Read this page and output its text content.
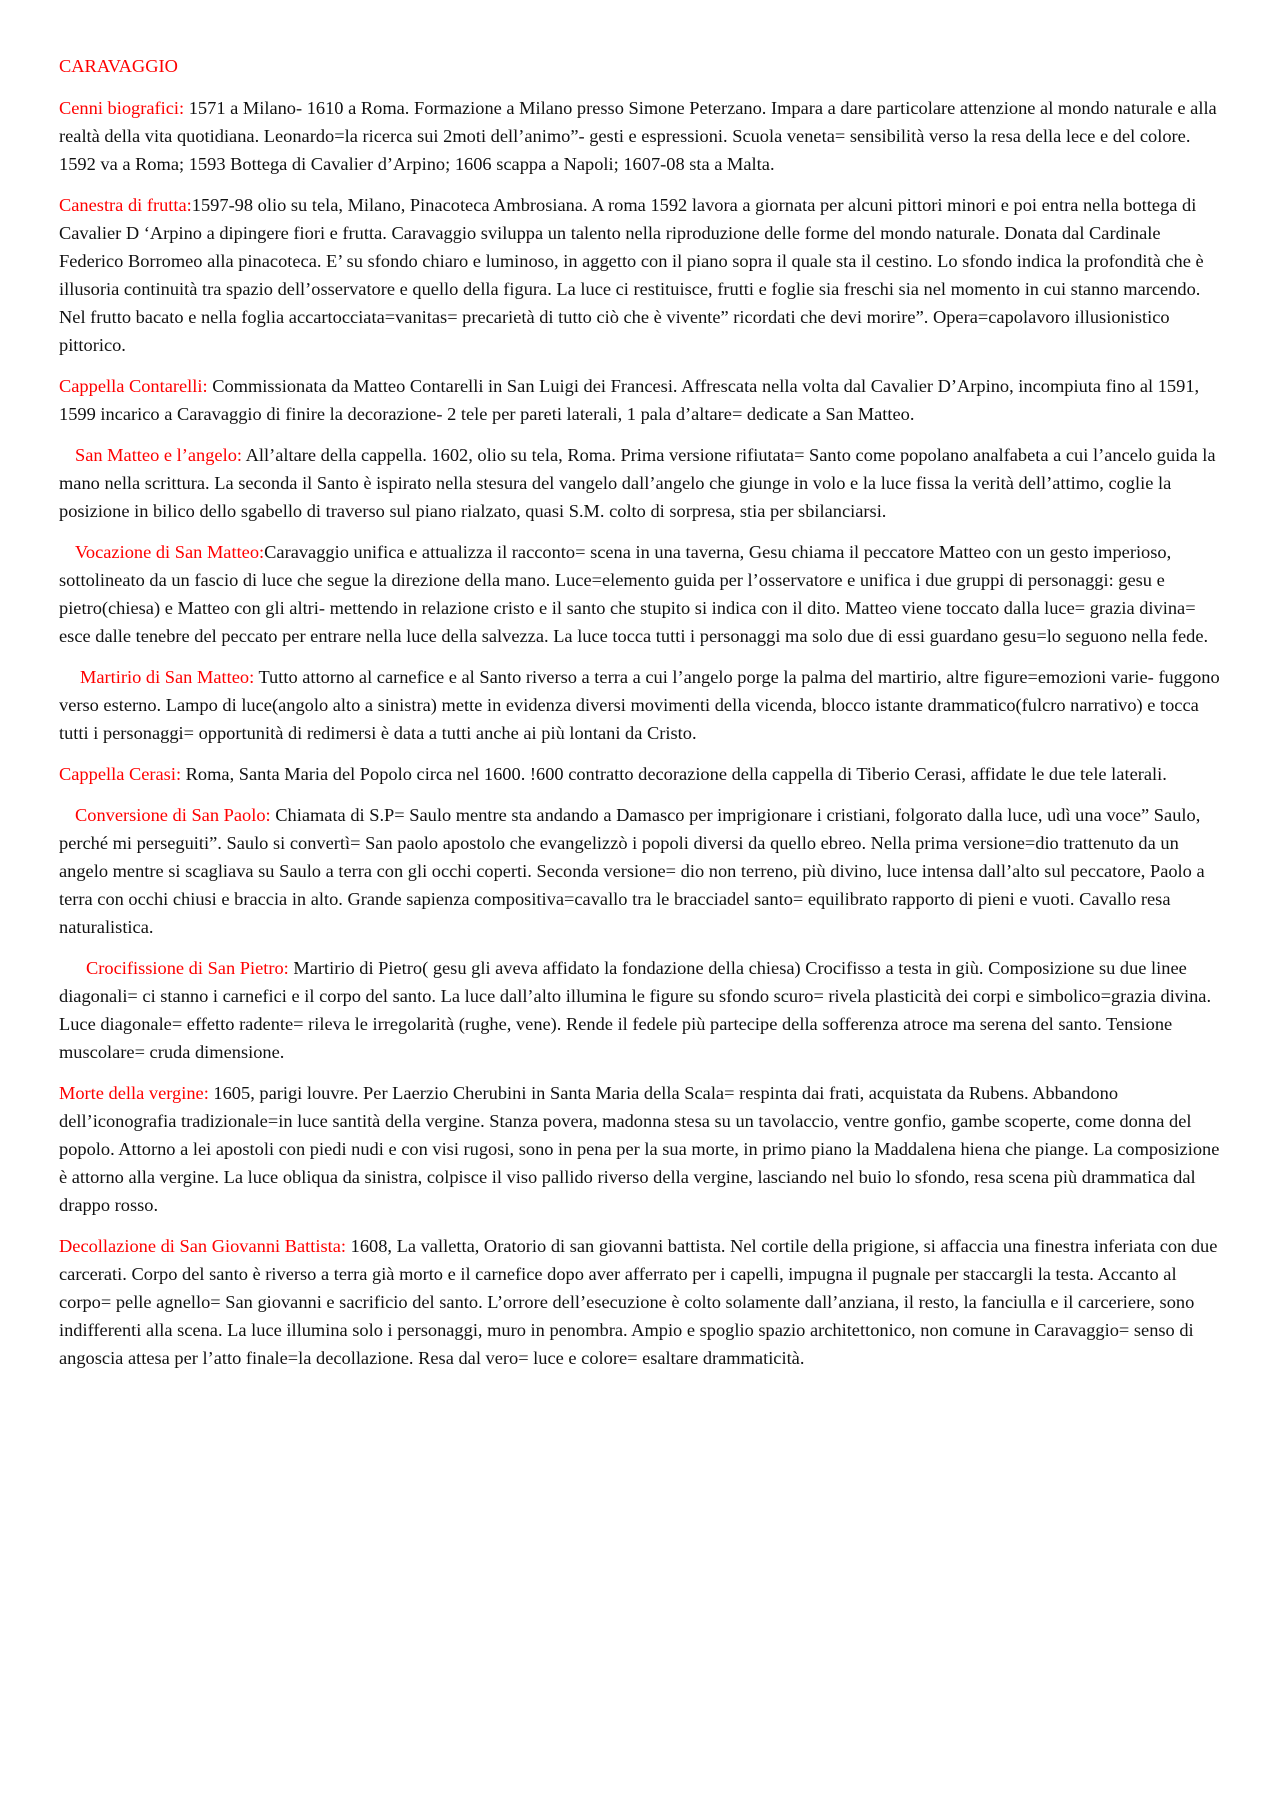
CARAVAGGIO

Cenni biografici: 1571 a Milano- 1610 a Roma. Formazione a Milano presso Simone Peterzano. Impara a dare particolare attenzione al mondo naturale e alla realtà della vita quotidiana. Leonardo=la ricerca sui 2moti dell’animo”- gesti e espressioni. Scuola veneta= sensibilità verso la resa della lece e del colore. 1592 va a Roma; 1593 Bottega di Cavalier d’Arpino; 1606 scappa a Napoli; 1607-08 sta a Malta.

Canestra di frutta:1597-98 olio su tela, Milano, Pinacoteca Ambrosiana. A roma 1592 lavora a giornata per alcuni pittori minori e poi entra nella bottega di Cavalier D ‘Arpino a dipingere fiori e frutta. Caravaggio sviluppa un talento nella riproduzione delle forme del mondo naturale. Donata dal Cardinale Federico Borromeo alla pinacoteca. E’ su sfondo chiaro e luminoso, in aggetto con il piano sopra il quale sta il cestino. Lo sfondo indica la profondità che è illusoria continuità tra spazio dell’osservatore e quello della figura. La luce ci restituisce, frutti e foglie sia freschi sia nel momento in cui stanno marcendo. Nel frutto bacato e nella foglia accartocciata=vanitas= precarietà di tutto ciò che è vivente” ricordati che devi morire”. Opera=capolavoro illusionistico pittorico.

Cappella Contarelli: Commissionata da Matteo Contarelli in San Luigi dei Francesi. Affrescata nella volta dal Cavalier D’Arpino, incompiuta fino al 1591, 1599 incarico a Caravaggio di finire la decorazione- 2 tele per pareti laterali, 1 pala d’altare= dedicate a San Matteo.

San Matteo e l’angelo: All’altare della cappella. 1602, olio su tela, Roma. Prima versione rifiutata= Santo come popolano analfabeta a cui l’ancelo guida la mano nella scrittura. La seconda il Santo è ispirato nella stesura del vangelo dall’angelo che giunge in volo e la luce fissa la verità dell’attimo, coglie la posizione in bilico dello sgabello di traverso sul piano rialzato, quasi S.M. colto di sorpresa, stia per sbilanciarsi.

Vocazione di San Matteo:Caravaggio unifica e attualizza il racconto= scena in una taverna, Gesu chiama il peccatore Matteo con un gesto imperioso, sottolineato da un fascio di luce che segue la direzione della mano. Luce=elemento guida per l’osservatore e unifica i due gruppi di personaggi: gesu e pietro(chiesa) e Matteo con gli altri- mettendo in relazione cristo e il santo che stupito si indica con il dito. Matteo viene toccato dalla luce= grazia divina= esce dalle tenebre del peccato per entrare nella luce della salvezza. La luce tocca tutti i personaggi ma solo due di essi guardano gesu=lo seguono nella fede.

Martirio di San Matteo: Tutto attorno al carnefice e al Santo riverso a terra a cui l’angelo porge la palma del martirio, altre figure=emozioni varie- fuggono verso esterno. Lampo di luce(angolo alto a sinistra) mette in evidenza diversi movimenti della vicenda, blocco istante drammatico(fulcro narrativo) e tocca tutti i personaggi= opportunità di redimersi è data a tutti anche ai più lontani da Cristo.

Cappella Cerasi: Roma, Santa Maria del Popolo circa nel 1600. !600 contratto decorazione della cappella di Tiberio Cerasi, affidate le due tele laterali.

Conversione di San Paolo: Chiamata di S.P= Saulo mentre sta andando a Damasco per imprigionare i cristiani, folgorato dalla luce, udì una voce” Saulo, perché mi perseguiti”. Saulo si convertì= San paolo apostolo che evangelizzò i popoli diversi da quello ebreo. Nella prima versione=dio trattenuto da un angelo mentre si scagliava su Saulo a terra con gli occhi coperti. Seconda versione= dio non terreno, più divino, luce intensa dall’alto sul peccatore, Paolo a terra con occhi chiusi e braccia in alto. Grande sapienza compositiva=cavallo tra le bracciadel santo= equilibrato rapporto di pieni e vuoti. Cavallo resa naturalistica.

Crocifissione di San Pietro: Martirio di Pietro( gesu gli aveva affidato la fondazione della chiesa) Crocifisso a testa in giù. Composizione su due linee diagonali= ci stanno i carnefici e il corpo del santo. La luce dall’alto illumina le figure su sfondo scuro= rivela plasticità dei corpi e simbolico=grazia divina. Luce diagonale= effetto radente= rileva le irregolarità (rughe, vene). Rende il fedele più partecipe della sofferenza atroce ma serena del santo. Tensione muscolare= cruda dimensione.

Morte della vergine: 1605, parigi louvre. Per Laerzio Cherubini in Santa Maria della Scala= respinta dai frati, acquistata da Rubens. Abbandono dell’iconografia tradizionale=in luce santità della vergine. Stanza povera, madonna stesa su un tavolaccio, ventre gonfio, gambe scoperte, come donna del popolo. Attorno a lei apostoli con piedi nudi e con visi rugosi, sono in pena per la sua morte, in primo piano la Maddalena hiena che piange. La composizione è attorno alla vergine. La luce obliqua da sinistra, colpisce il viso pallido riverso della vergine, lasciando nel buio lo sfondo, resa scena più drammatica dal drappo rosso.

Decollazione di San Giovanni Battista: 1608, La valletta, Oratorio di san giovanni battista. Nel cortile della prigione, si affaccia una finestra inferiata con due carcerati. Corpo del santo è riverso a terra già morto e il carnefice dopo aver afferrato per i capelli, impugna il pugnale per staccargli la testa. Accanto al corpo= pelle agnello= San giovanni e sacrificio del santo. L’orrore dell’esecuzione è colto solamente dall’anziana, il resto, la fanciulla e il carceriere, sono indifferenti alla scena. La luce illumina solo i personaggi, muro in penombra. Ampio e spoglio spazio architettonico, non comune in Caravaggio= senso di angoscia attesa per l’atto finale=la decollazione. Resa dal vero= luce e colore= esaltare drammaticità.
